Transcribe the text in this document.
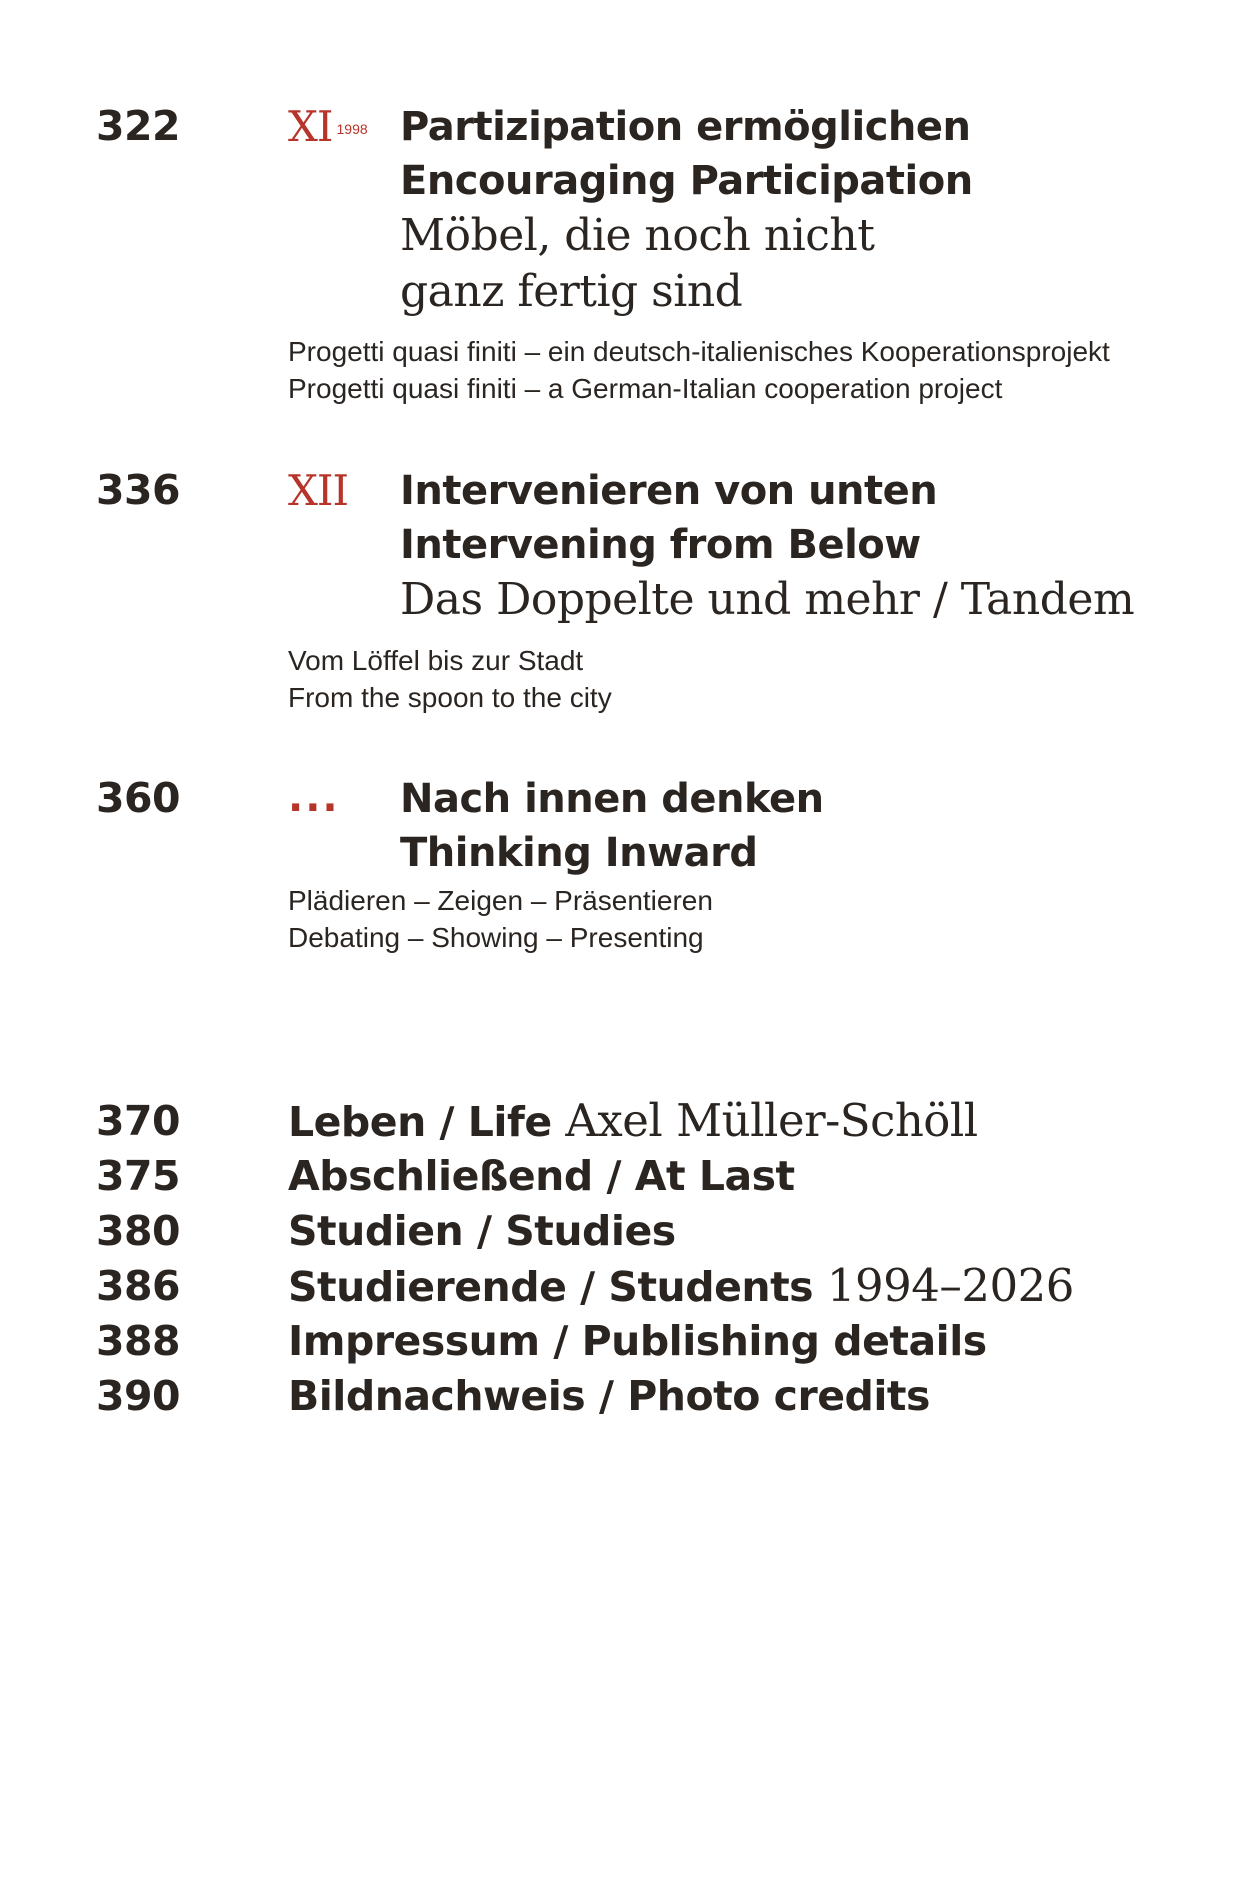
322	XI $^{1998}$ Partizipation ermöglichen
Encouraging Participation
Möbel, die noch nicht
ganz fertig sind
Progetti quasi finiti – ein deutsch-italienisches Kooperationsprojekt
Progetti quasi finiti – a German-Italian cooperation project
336	XII Intervenieren von unten
Intervening from Below
Das Doppelte und mehr / Tandem
Vom Löffel bis zur Stadt
From the spoon to the city
360	... Nach innen denken
Thinking Inward
Plädieren – Zeigen – Präsentieren
Debating – Showing – Presenting
370	Leben / Life Axel Müller-Schöll
375	Abschließend / At Last
380	Studien / Studies
386	Studierende / Students 1994–2026
388	Impressum / Publishing details
390	Bildnachweis / Photo credits
